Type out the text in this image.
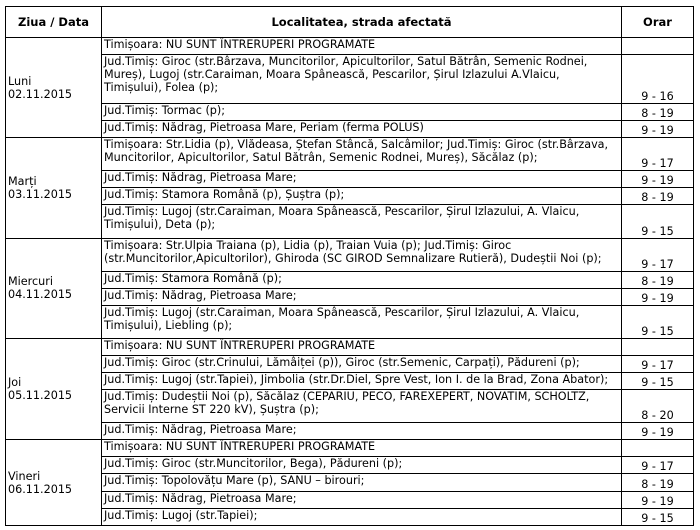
Ziua / Data	Localitatea, strada afectată	Orar

Luni
02.11.2015	Timișoara: NU SUNT ÎNTRERUPERI PROGRAMATE	
	Jud.Timiș: Giroc (str.Bârzava, Muncitorilor, Apicultorilor, Satul Bătrân, Semenic Rodnei, Mureș), Lugoj (str.Caraiman, Moara Spânească, Pescarilor, Șirul Izlazului A.Vlaicu, Timișului), Folea (p);	9 - 16
	Jud.Timiș: Tormac (p);	8 - 19
	Jud.Timiș: Nădrag, Pietroasa Mare, Periam (ferma POLUS)	9 - 19

Marți
03.11.2015	Timișoara: Str.Lidia (p), Vlădeasa, Ștefan Stâncă, Salcâmilor; Jud.Timiș: Giroc (str.Bârzava, Muncitorilor, Apicultorilor, Satul Bătrân, Semenic Rodnei, Mureș), Săcălaz (p);	9 - 17
	Jud.Timiș: Nădrag, Pietroasa Mare;	9 - 19
	Jud.Timiș: Stamora Română (p), Șuștra (p);	8 - 19
	Jud.Timiș: Lugoj (str.Caraiman, Moara Spânească, Pescarilor, Șirul Izlazului, A. Vlaicu, Timișului), Deta (p);	9 - 15

Miercuri
04.11.2015	Timișoara: Str.Ulpia Traiana (p), Lidia (p), Traian Vuia (p); Jud.Timiș: Giroc (str.Muncitorilor,Apicultorilor), Ghiroda (SC GIROD Semnalizare Rutieră), Dudeștii Noi (p);	9 - 17
	Jud.Timiș: Stamora Română (p);	8 - 19
	Jud.Timiș: Nădrag, Pietroasa Mare;	9 - 19
	Jud.Timiș: Lugoj (str.Caraiman, Moara Spânească, Pescarilor, Șirul Izlazului, A. Vlaicu, Timișului), Liebling (p);	9 - 15

Joi
05.11.2015	Timișoara: NU SUNT ÎNTRERUPERI PROGRAMATE	
	Jud.Timiș: Giroc (str.Crinului, Lămâiței (p)), Giroc (str.Semenic, Carpați), Pădureni (p);	9 - 17
	Jud.Timiș: Lugoj (str.Tapiei), Jimbolia (str.Dr.Diel, Spre Vest, Ion I. de la Brad, Zona Abator);	9 - 15
	Jud.Timiș: Dudeștii Noi (p), Săcălaz (CEPARIU, PECO, FAREXEPERT, NOVATIM, SCHOLTZ, Servicii Interne ST 220 kV), Șuștra (p);	8 - 20
	Jud.Timiș: Nădrag, Pietroasa Mare;	9 - 19

Vineri
06.11.2015	Timișoara: NU SUNT ÎNTRERUPERI PROGRAMATE	
	Jud.Timiș: Giroc (str.Muncitorilor, Bega), Pădureni (p);	9 - 17
	Jud.Timiș: Topolovățu Mare (p), SANU – birouri;	8 - 19
	Jud.Timiș: Nădrag, Pietroasa Mare;	9 - 19
	Jud.Timiș: Lugoj (str.Tapiei);	9 - 15
